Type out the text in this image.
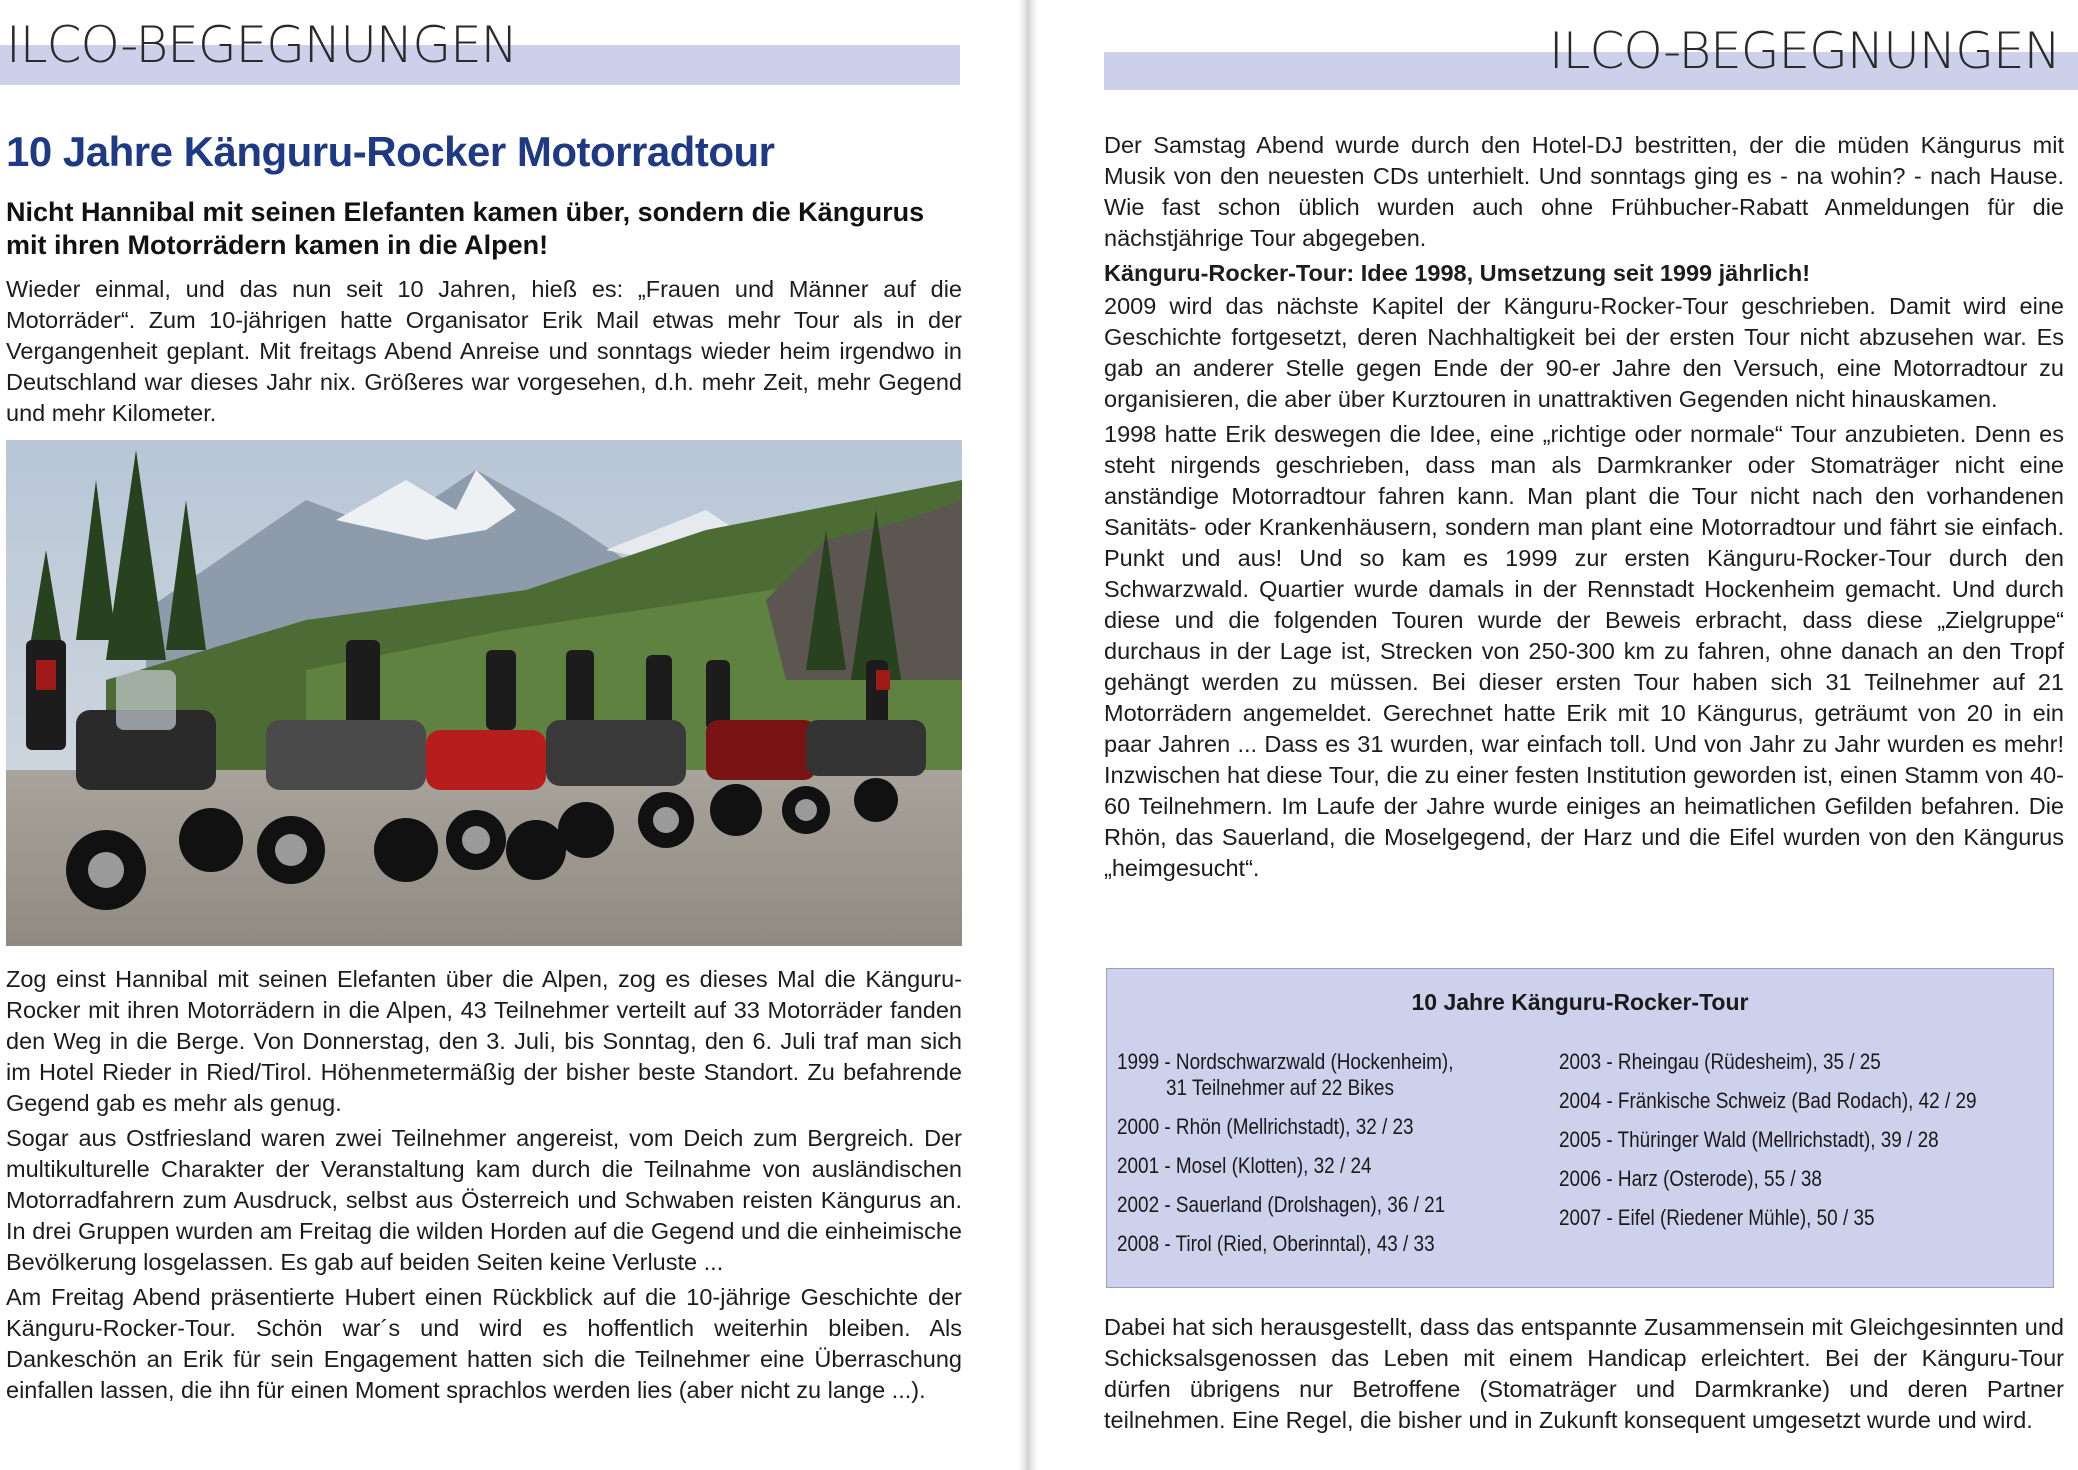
ILCO-BEGEGNUNGEN
10 Jahre Känguru-Rocker Motorradtour
Nicht Hannibal mit seinen Elefanten kamen über, sondern die Kängurus mit ihren Motorrädern kamen in die Alpen!

Wieder einmal, und das nun seit 10 Jahren, hieß es: „Frauen und Männer auf die Motorräder“. Zum 10-jährigen hatte Organisator Erik Mail etwas mehr Tour als in der Vergangenheit geplant. Mit freitags Abend Anreise und sonntags wieder heim irgendwo in Deutschland war dieses Jahr nix. Größeres war vorgesehen, d.h. mehr Zeit, mehr Gegend und mehr Kilometer.

Zog einst Hannibal mit seinen Elefanten über die Alpen, zog es dieses Mal die Känguru-Rocker mit ihren Motorrädern in die Alpen, 43 Teilnehmer verteilt auf 33 Motorräder fanden den Weg in die Berge. Von Donnerstag, den 3. Juli, bis Sonntag, den 6. Juli traf man sich im Hotel Rieder in Ried/Tirol. Höhenmetermäßig der bisher beste Standort. Zu befahrende Gegend gab es mehr als genug.

Sogar aus Ostfriesland waren zwei Teilnehmer angereist, vom Deich zum Bergreich. Der multikulturelle Charakter der Veranstaltung kam durch die Teilnahme von ausländischen Motorradfahrern zum Ausdruck, selbst aus Österreich und Schwaben reisten Kängurus an. In drei Gruppen wurden am Freitag die wilden Horden auf die Gegend und die einheimische Bevölkerung losgelassen. Es gab auf beiden Seiten keine Verluste ...

Am Freitag Abend präsentierte Hubert einen Rückblick auf die 10-jährige Geschichte der Känguru-Rocker-Tour. Schön war´s und wird es hoffentlich weiterhin bleiben. Als Dankeschön an Erik für sein Engagement hatten sich die Teilnehmer eine Überraschung einfallen lassen, die ihn für einen Moment sprachlos werden lies (aber nicht zu lange ...).

ILCO-BEGEGNUNGEN

Der Samstag Abend wurde durch den Hotel-DJ bestritten, der die müden Kängurus mit Musik von den neuesten CDs unterhielt. Und sonntags ging es - na wohin? - nach Hause. Wie fast schon üblich wurden auch ohne Frühbucher-Rabatt Anmeldungen für die nächstjährige Tour abgegeben.

Känguru-Rocker-Tour: Idee 1998, Umsetzung seit 1999 jährlich!

2009 wird das nächste Kapitel der Känguru-Rocker-Tour geschrieben. Damit wird eine Geschichte fortgesetzt, deren Nachhaltigkeit bei der ersten Tour nicht abzusehen war. Es gab an anderer Stelle gegen Ende der 90-er Jahre den Versuch, eine Motorradtour zu organisieren, die aber über Kurztouren in unattraktiven Gegenden nicht hinauskamen.

1998 hatte Erik deswegen die Idee, eine „richtige oder normale“ Tour anzubieten. Denn es steht nirgends geschrieben, dass man als Darmkranker oder Stomaträger nicht eine anständige Motorradtour fahren kann. Man plant die Tour nicht nach den vorhandenen Sanitäts- oder Krankenhäusern, sondern man plant eine Motorradtour und fährt sie einfach. Punkt und aus! Und so kam es 1999 zur ersten Känguru-Rocker-Tour durch den Schwarzwald. Quartier wurde damals in der Rennstadt Hockenheim gemacht. Und durch diese und die folgenden Touren wurde der Beweis erbracht, dass diese „Zielgruppe“ durchaus in der Lage ist, Strecken von 250-300 km zu fahren, ohne danach an den Tropf gehängt werden zu müssen. Bei dieser ersten Tour haben sich 31 Teilnehmer auf 21 Motorrädern angemeldet. Gerechnet hatte Erik mit 10 Kängurus, geträumt von 20 in ein paar Jahren ... Dass es 31 wurden, war einfach toll. Und von Jahr zu Jahr wurden es mehr! Inzwischen hat diese Tour, die zu einer festen Institution geworden ist, einen Stamm von 40-60 Teilnehmern. Im Laufe der Jahre wurde einiges an heimatlichen Gefilden befahren. Die Rhön, das Sauerland, die Moselgegend, der Harz und die Eifel wurden von den Kängurus „heimgesucht“.

10 Jahre Känguru-Rocker-Tour
1999 - Nordschwarzwald (Hockenheim),
31 Teilnehmer auf 22 Bikes
2000 - Rhön (Mellrichstadt), 32 / 23
2001 - Mosel (Klotten), 32 / 24
2002 - Sauerland (Drolshagen), 36 / 21
2008 - Tirol (Ried, Oberinntal), 43 / 33
2003 - Rheingau (Rüdesheim), 35 / 25
2004 - Fränkische Schweiz (Bad Rodach), 42 / 29
2005 - Thüringer Wald (Mellrichstadt), 39 / 28
2006 - Harz (Osterode), 55 / 38
2007 - Eifel (Riedener Mühle), 50 / 35

Dabei hat sich herausgestellt, dass das entspannte Zusammensein mit Gleichgesinnten und Schicksalsgenossen das Leben mit einem Handicap erleichtert. Bei der Känguru-Tour dürfen übrigens nur Betroffene (Stomaträger und Darmkranke) und deren Partner teilnehmen. Eine Regel, die bisher und in Zukunft konsequent umgesetzt wurde und wird.
